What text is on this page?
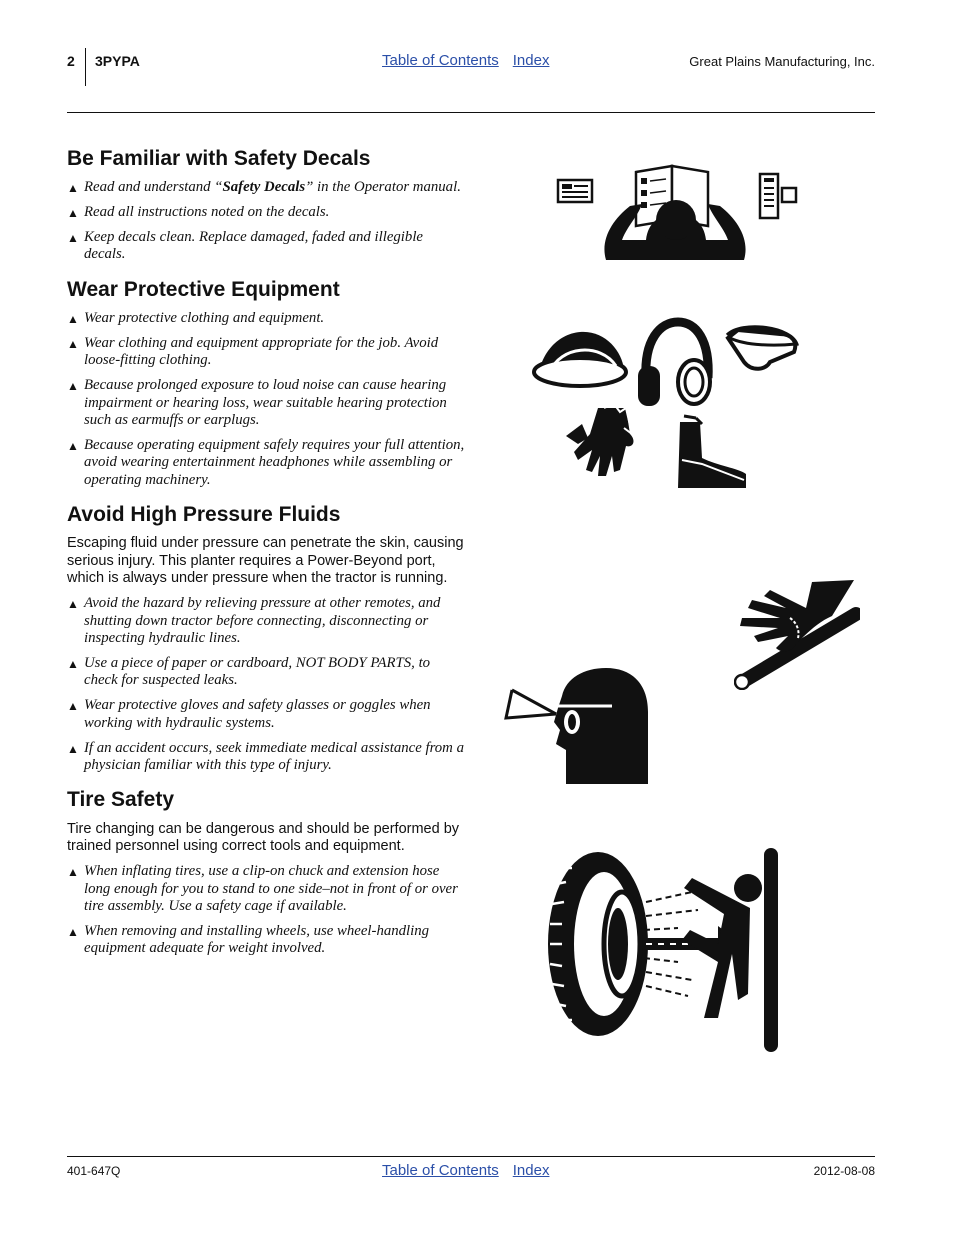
2 3PYPA	Table of Contents Index	Great Plains Manufacturing, Inc.
Be Familiar with Safety Decals
▲ Read and understand “Safety Decals” in the Operator manual.
▲ Read all instructions noted on the decals.
▲ Keep decals clean. Replace damaged, faded and illegible decals.
Wear Protective Equipment
▲ Wear protective clothing and equipment.
▲ Wear clothing and equipment appropriate for the job. Avoid loose-fitting clothing.
▲ Because prolonged exposure to loud noise can cause hearing impairment or hearing loss, wear suitable hearing protection such as earmuffs or earplugs.
▲ Because operating equipment safely requires your full attention, avoid wearing entertainment headphones while assembling or operating machinery.
Avoid High Pressure Fluids

Escaping fluid under pressure can penetrate the skin, causing serious injury. This planter requires a Power-Beyond port, which is always under pressure when the tractor is running.

▲ Avoid the hazard by relieving pressure at other remotes, and shutting down tractor before connecting, disconnecting or inspecting hydraulic lines.
▲ Use a piece of paper or cardboard, NOT BODY PARTS, to check for suspected leaks.
▲ Wear protective gloves and safety glasses or goggles when working with hydraulic systems.
▲ If an accident occurs, seek immediate medical assistance from a physician familiar with this type of injury.
Tire Safety

Tire changing can be dangerous and should be performed by trained personnel using correct tools and equipment.

▲ When inflating tires, use a clip-on chuck and extension hose long enough for you to stand to one side–not in front of or over tire assembly. Use a safety cage if available.
▲ When removing and installing wheels, use wheel-handling equipment adequate for weight involved.
401-647Q	Table of Contents Index	2012-08-08
